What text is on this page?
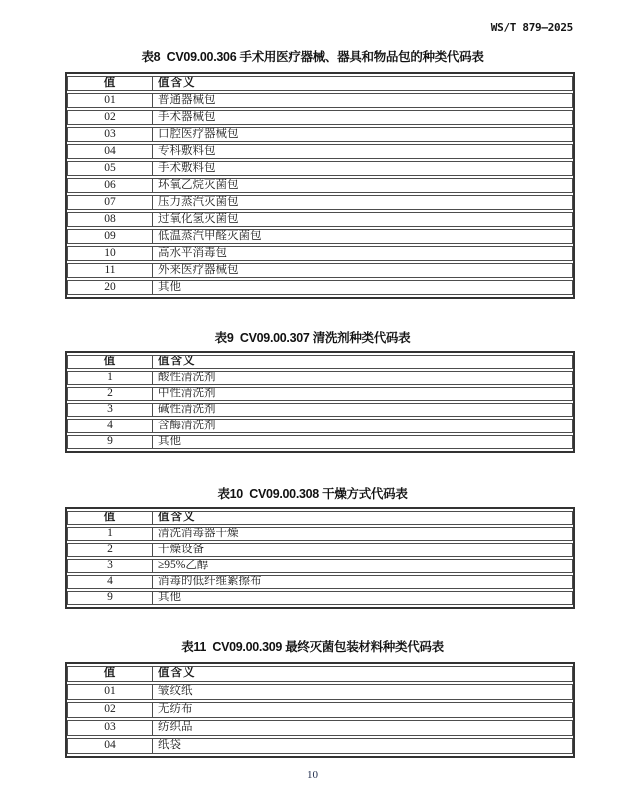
WS/T 879—2025
表8  CV09.00.306 手术用医疗器械、器具和物品包的种类代码表
值	值含义
01	普通器械包
02	手术器械包
03	口腔医疗器械包
04	专科敷料包
05	手术敷料包
06	环氧乙烷灭菌包
07	压力蒸汽灭菌包
08	过氧化氢灭菌包
09	低温蒸汽甲醛灭菌包
10	高水平消毒包
11	外来医疗器械包
20	其他
表9  CV09.00.307 清洗剂种类代码表
值	值含义
1	酸性清洗剂
2	中性清洗剂
3	碱性清洗剂
4	含酶清洗剂
9	其他
表10  CV09.00.308 干燥方式代码表
值	值含义
1	清洗消毒器干燥
2	干燥设备
3	≥95%乙醇
4	消毒的低纤维絮擦布
9	其他
表11  CV09.00.309 最终灭菌包装材料种类代码表
值	值含义
01	皱纹纸
02	无纺布
03	纺织品
04	纸袋
10
